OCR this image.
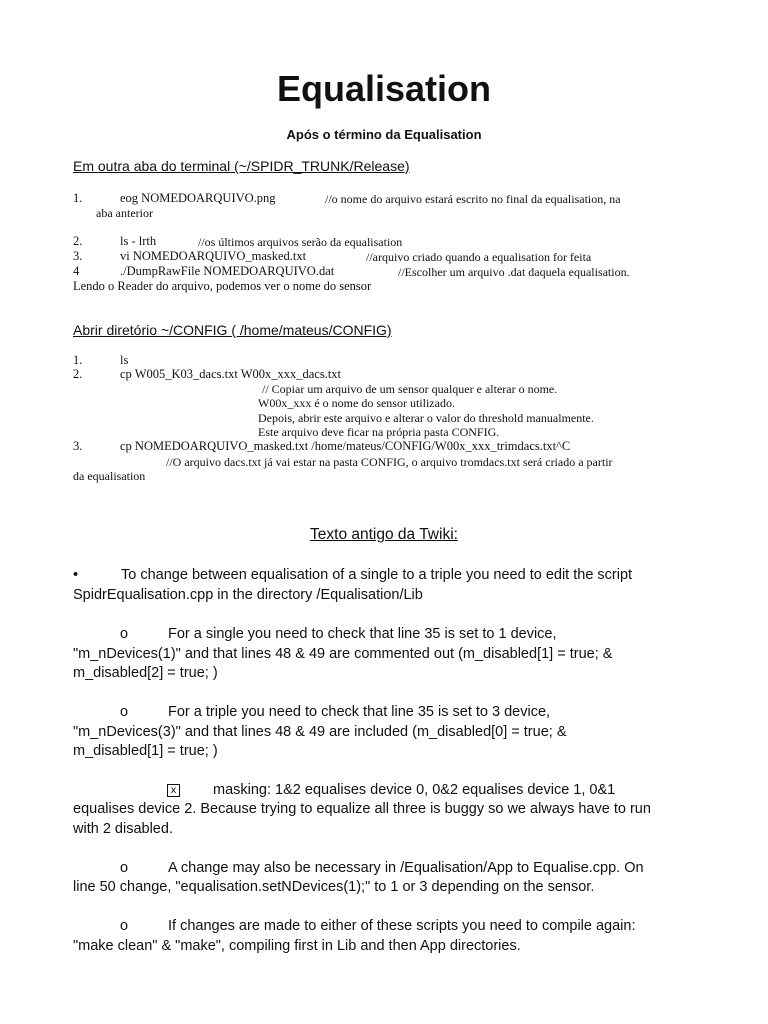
Equalisation
Após o término da Equalisation
Em outra aba do terminal (~/SPIDR_TRUNK/Release)
1.	eog NOMEDOARQUIVO.png	//o nome do arquivo estará escrito no final da equalisation, na
aba anterior
2.	ls - lrth	//os últimos arquivos serão da equalisation
3.	vi NOMEDOARQUIVO_masked.txt	//arquivo criado quando a equalisation for feita
4	./DumpRawFile NOMEDOARQUIVO.dat	//Escolher um arquivo .dat daquela equalisation.
Lendo o Reader do arquivo, podemos ver o nome do sensor
Abrir diretório ~/CONFIG ( /home/mateus/CONFIG)
1.	ls
2.	cp W005_K03_dacs.txt W00x_xxx_dacs.txt
// Copiar um arquivo de um sensor qualquer e alterar o nome.
W00x_xxx é o nome do sensor utilizado.
Depois, abrir este arquivo e alterar o valor do threshold manualmente.
Este arquivo deve ficar na própria pasta CONFIG.
3.	cp NOMEDOARQUIVO_masked.txt /home/mateus/CONFIG/W00x_xxx_trimdacs.txt^C
//O arquivo dacs.txt já vai estar na pasta CONFIG, o arquivo tromdacs.txt será criado a partir
da equalisation
Texto antigo da Twiki:
•	To change between equalisation of a single to a triple you need to edit the script
SpidrEqualisation.cpp in the directory /Equalisation/Lib
o	For a single you need to check that line 35 is set to 1 device,
"m_nDevices(1)" and that lines 48 & 49 are commented out (m_disabled[1] = true; &
m_disabled[2] = true; )
o	For a triple you need to check that line 35 is set to 3 device,
"m_nDevices(3)" and that lines 48 & 49 are included (m_disabled[0] = true; &
m_disabled[1] = true; )
x	masking: 1&2 equalises device 0, 0&2 equalises device 1, 0&1
equalises device 2. Because trying to equalize all three is buggy so we always have to run
with 2 disabled.
o	A change may also be necessary in /Equalisation/App to Equalise.cpp. On
line 50 change, "equalisation.setNDevices(1);" to 1 or 3 depending on the sensor.
o	If changes are made to either of these scripts you need to compile again:
"make clean" & "make", compiling first in Lib and then App directories.
